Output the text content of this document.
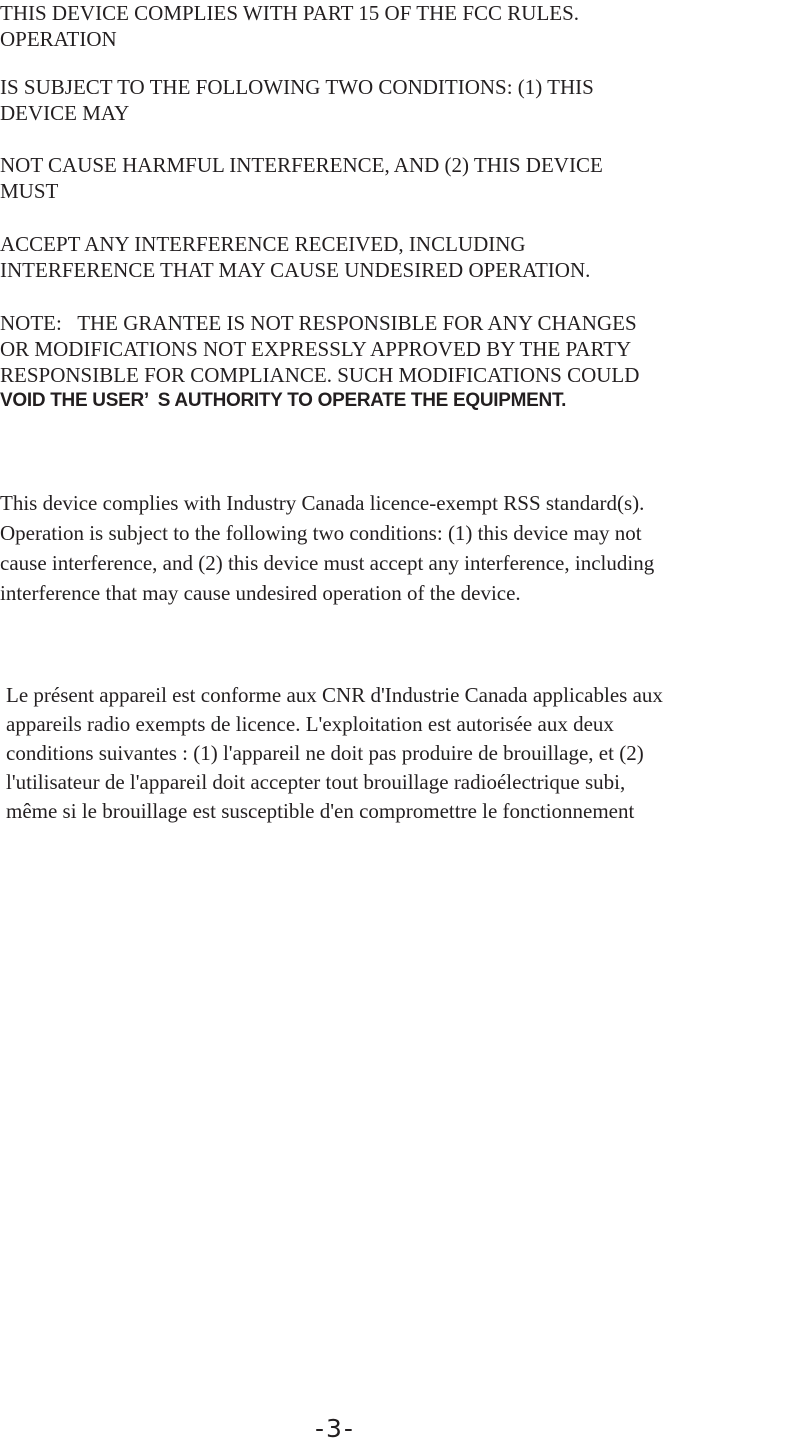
THIS DEVICE COMPLIES WITH PART 15 OF THE FCC RULES.

OPERATION

IS SUBJECT TO THE FOLLOWING TWO CONDITIONS: (1) THIS

DEVICE MAY

NOT CAUSE HARMFUL INTERFERENCE, AND (2) THIS DEVICE

MUST

ACCEPT ANY INTERFERENCE RECEIVED, INCLUDING

INTERFERENCE THAT MAY CAUSE UNDESIRED OPERATION.

NOTE:   THE GRANTEE IS NOT RESPONSIBLE FOR ANY CHANGES

OR MODIFICATIONS NOT EXPRESSLY APPROVED BY THE PARTY

RESPONSIBLE FOR COMPLIANCE. SUCH MODIFICATIONS COULD

VOID THE USER’  S AUTHORITY TO OPERATE THE EQUIPMENT.

This device complies with Industry Canada licence-exempt RSS standard(s).
Operation is subject to the following two conditions: (1) this device may not
cause interference, and (2) this device must accept any interference, including
interference that may cause undesired operation of the device.

Le présent appareil est conforme aux CNR d'Industrie Canada applicables aux
appareils radio exempts de licence. L'exploitation est autorisée aux deux
conditions suivantes : (1) l'appareil ne doit pas produire de brouillage, et (2)
l'utilisateur de l'appareil doit accepter tout brouillage radioélectrique subi,
même si le brouillage est susceptible d'en compromettre le fonctionnement

-3-
